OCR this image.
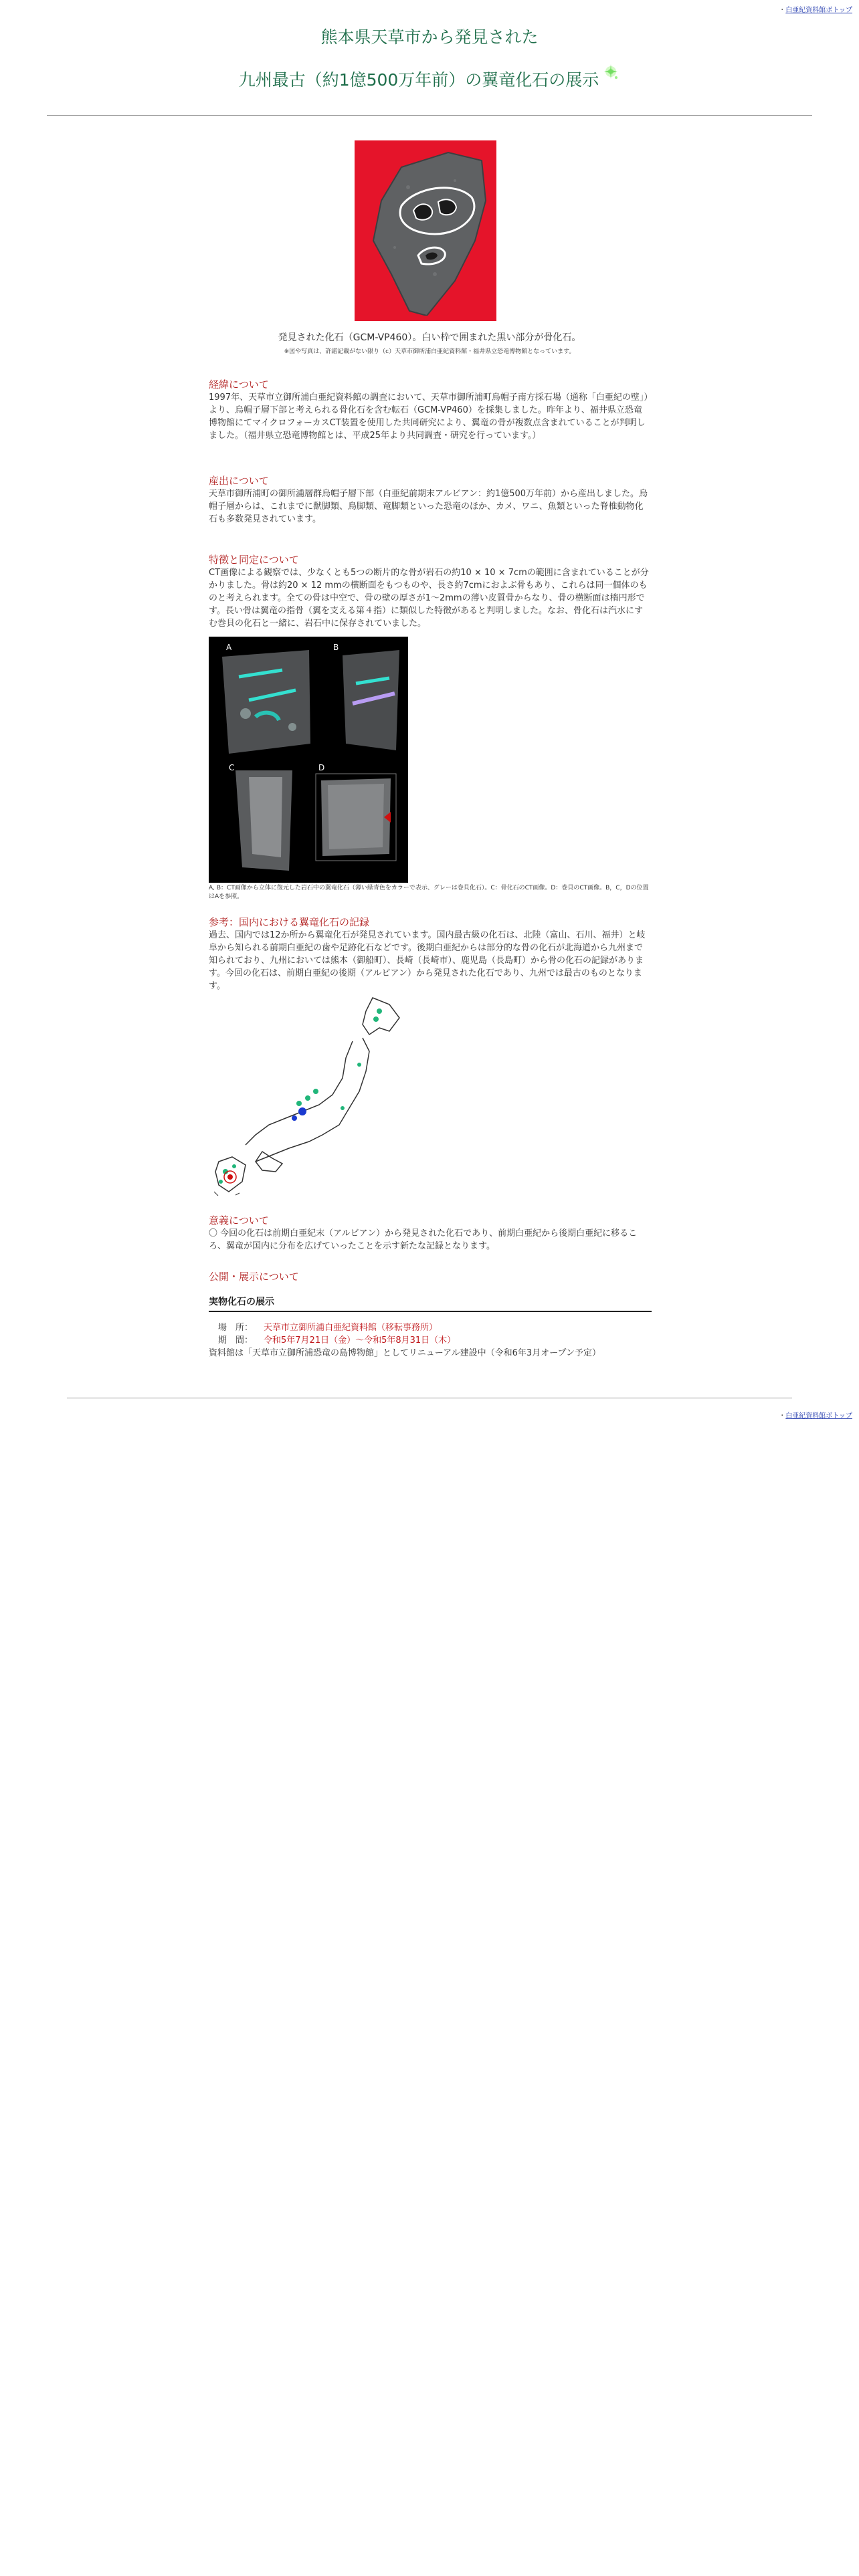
・白亜紀資料館ボトップ
熊本県天草市から発見された
九州最古（約1億500万年前）の翼竜化石の展示
発見された化石（GCM-VP460）。白い枠で囲まれた黒い部分が骨化石。
※図や写真は、許諾記載がない限り（c）天草市御所浦白亜紀資料館・福井県立恐竜博物館となっています。
経緯について

1997年、天草市立御所浦白亜紀資料館の調査において、天草市御所浦町烏帽子南方採石場（通称「白亜紀の壁」）より、烏帽子層下部と考えられる骨化石を含む転石（GCM-VP460）を採集しました。昨年より、福井県立恐竜博物館にてマイクロフォーカスCT装置を使用した共同研究により、翼竜の骨が複数点含まれていることが判明しました。（福井県立恐竜博物館とは、平成25年より共同調査・研究を行っています。）

産出について

天草市御所浦町の御所浦層群烏帽子層下部（白亜紀前期末アルビアン：約1億500万年前）から産出しました。烏帽子層からは、これまでに獣脚類、鳥脚類、竜脚類といった恐竜のほか、カメ、ワニ、魚類といった脊椎動物化石も多数発見されています。

特徴と同定について

CT画像による観察では、少なくとも5つの断片的な骨が岩石の約10 × 10 × 7cmの範囲に含まれていることが分かりました。骨は約20 × 12 mmの横断面をもつものや、長さ約7cmにおよぶ骨もあり、これらは同一個体のものと考えられます。全ての骨は中空で、骨の壁の厚さが1〜2mmの薄い皮質骨からなり、骨の横断面は楕円形です。長い骨は翼竜の指骨（翼を支える第４指）に類似した特徴があると判明しました。なお、骨化石は汽水にすむ巻貝の化石と一緒に、岩石中に保存されていました。

A	B
C	D
A, B：CT画像から立体に復元した岩石中の翼竜化石（薄い緑青色をカラーで表示、グレーは巻貝化石）。C：骨化石のCT画像。D：巻貝のCT画像。B，C，Dの位置はAを参照。
参考：国内における翼竜化石の記録

過去、国内では12か所から翼竜化石が発見されています。国内最古級の化石は、北陸（富山、石川、福井）と岐阜から知られる前期白亜紀の歯や足跡化石などです。後期白亜紀からは部分的な骨の化石が北海道から九州まで知られており、九州においては熊本（御船町）、長崎（長崎市）、鹿児島（長島町）から骨の化石の記録があります。今回の化石は、前期白亜紀の後期（アルビアン）から発見された化石であり、九州では最古のものとなります。

意義について

〇 今回の化石は前期白亜紀末（アルビアン）から発見された化石であり、前期白亜紀から後期白亜紀に移るころ、翼竜が国内に分布を広げていったことを示す新たな記録となります。

公開・展示について

実物化石の展示

場　所： 天草市立御所浦白亜紀資料館（移転事務所）

期　間： 令和5年7月21日（金）～令和5年8月31日（木）

資料館は「天草市立御所浦恐竜の島博物館」としてリニューアル建設中（令和6年3月オープン予定）

・白亜紀資料館ボトップ
